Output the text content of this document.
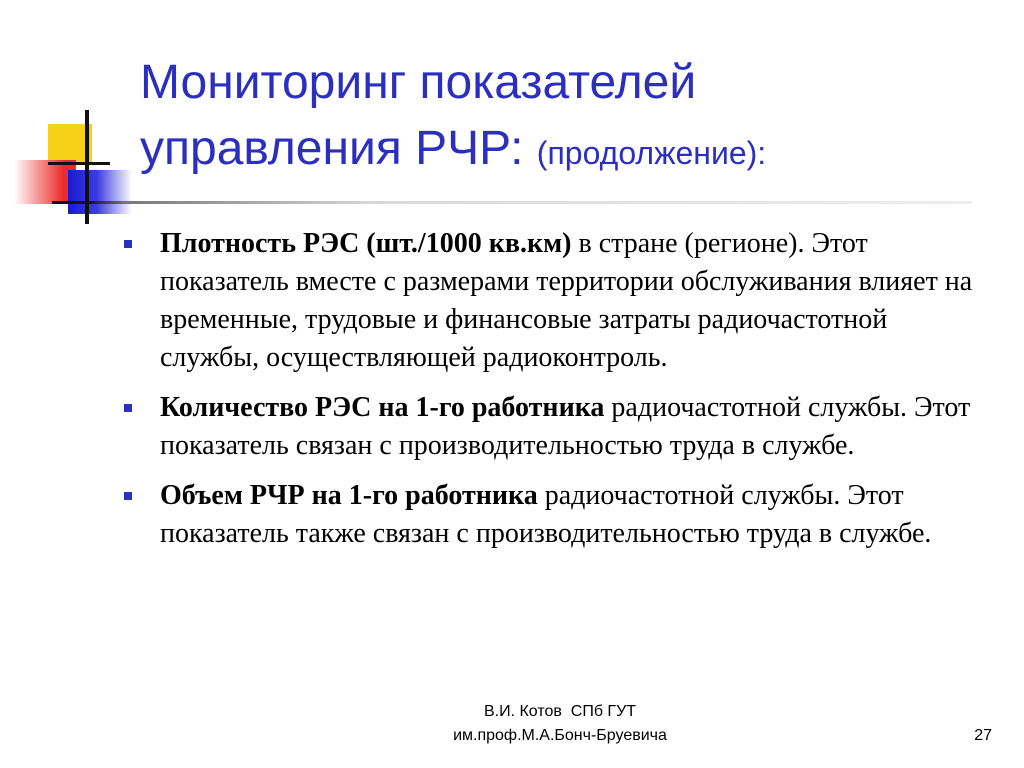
Мониторинг показателей
управления РЧР: (продолжение):

Плотность РЭС (шт./1000 кв.км) в стране (регионе). Этот показатель вместе с размерами территории обслуживания влияет на временные, трудовые и финансовые затраты радиочастотной службы, осуществляющей радиоконтроль.

Количество РЭС на 1-го работника радиочастотной службы. Этот показатель связан с производительностью труда в службе.

Объем РЧР на 1-го работника радиочастотной службы. Этот показатель также связан с производительностью труда в службе.

В.И. Котов  СПб ГУТ
им.проф.М.А.Бонч-Бруевича	27
